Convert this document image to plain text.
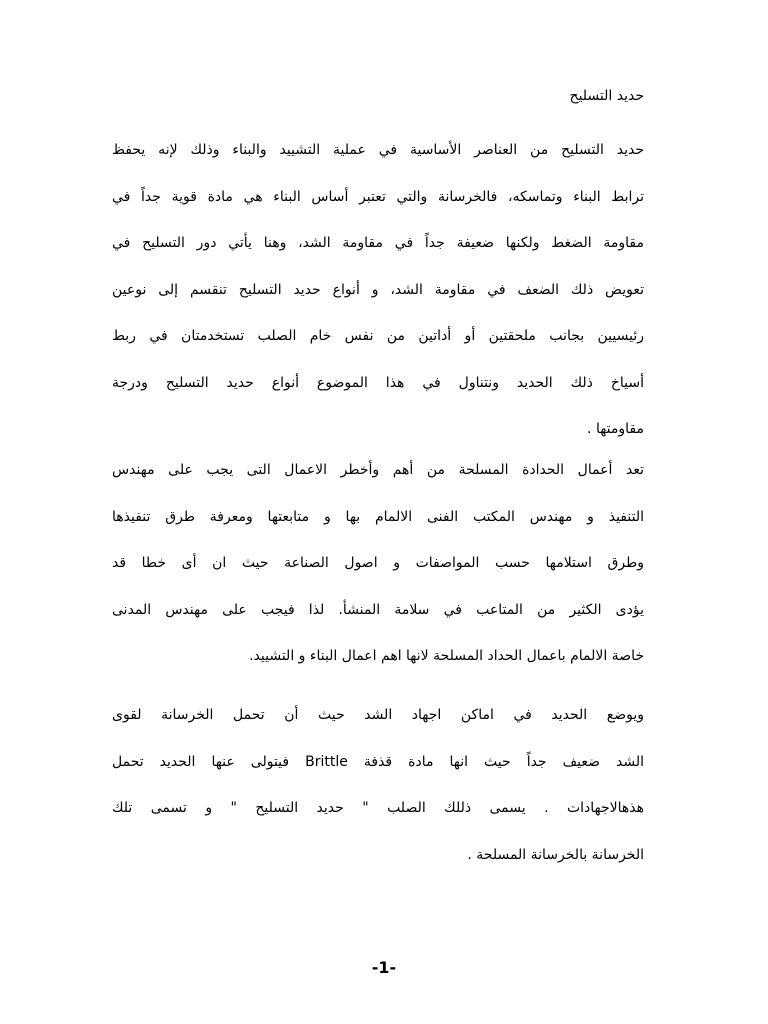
حديد التسليح
حديد التسليح من العناصر الأساسية في عملية التشييد والبناء وذلك لإنه يحفظ
ترابط البناء وتماسكه، فالخرسانة والتي تعتبر أساس البناء هي مادة قوية جداً في
مقاومة الضغط ولكنها ضعيفة جداً في مقاومة الشد، وهنا يأتي دور التسليح في
تعويض ذلك الضعف في مقاومة الشد، و أنواع حديد التسليح تنقسم إلى نوعين
رئيسيين بجانب ملحقتين أو أداتين من نفس خام الصلب تستخدمتان في ربط
أسياخ ذلك الحديد ونتناول في هذا الموضوع أنواع حديد التسليح ودرجة
مقاومتها .
تعد أعمال الحدادة المسلحة من أهم وأخطر الاعمال التى يجب على مهندس
التنفيذ و مهندس المكتب الفنى الالمام بها و متابعتها ومعرفة طرق تنفيذها
وطرق استلامها حسب المواصفات و اصول الصناعة حيث ان أى خطا قد
يؤدى الكثير من المتاعب في سلامة المنشأ. لذا فيجب على مهندس المدنى
خاصة الالمام باعمال الحداد المسلحة لانها اهم اعمال البناء و التشييد.
ويوضع الحديد في اماكن اجهاد الشد حيث أن تحمل الخرسانة لقوى
الشد ضعيف جداً حيث انها مادة قذفة Brittle فيتولى عنها الحديد تحمل
هذهالاجهادات . يسمى ذللك الصلب " حديد التسليح " و تسمى تلك
الخرسانة بالخرسانة المسلحة .
-1-
